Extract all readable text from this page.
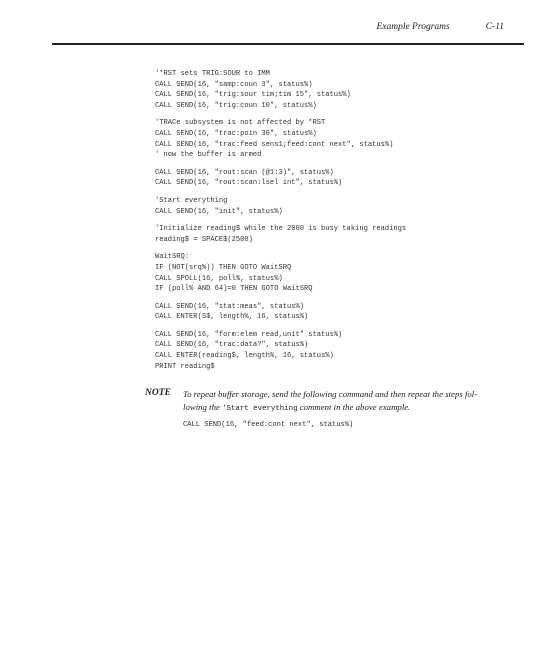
Example Programs	C-11
'*RST sets TRIG:SOUR to IMM
CALL SEND(16, "samp:coun 3", status%)
CALL SEND(16, "trig:sour tim;tim 15", status%)
CALL SEND(16, "trig:coun 10", status%)
'TRACe subsystem is not affected by *RST
CALL SEND(16, "trac:poin 30", status%)
CALL SEND(16, "trac:feed sens1;feed:cont next", status%)
' now the buffer is armed
CALL SEND(16, "rout:scan (@1:3)", status%)
CALL SEND(16, "rout:scan:lsel int", status%)
'Start everything
CALL SEND(16, "init", status%)
'Initialize reading$ while the 2000 is busy taking readings
reading$ = SPACE$(2500)
WaitSRQ:
IF (NOT(srq%)) THEN GOTO WaitSRQ
CALL SPOLL(16, poll%, status%)
IF (poll% AND 64)=0 THEN GOTO WaitSRQ
CALL SEND(16, "stat:meas", status%)
CALL ENTER(S$, length%, 16, status%)
CALL SEND(16, "form:elem read,unit" status%)
CALL SEND(16, "trac:data?", status%)
CALL ENTER(reading$, length%, 16, status%)
PRINT reading$
NOTE To repeat buffer storage, send the following command and then repeat the steps fol-
lowing the 'Start everything comment in the above example.
CALL SEND(16, "feed:cont next", status%)
